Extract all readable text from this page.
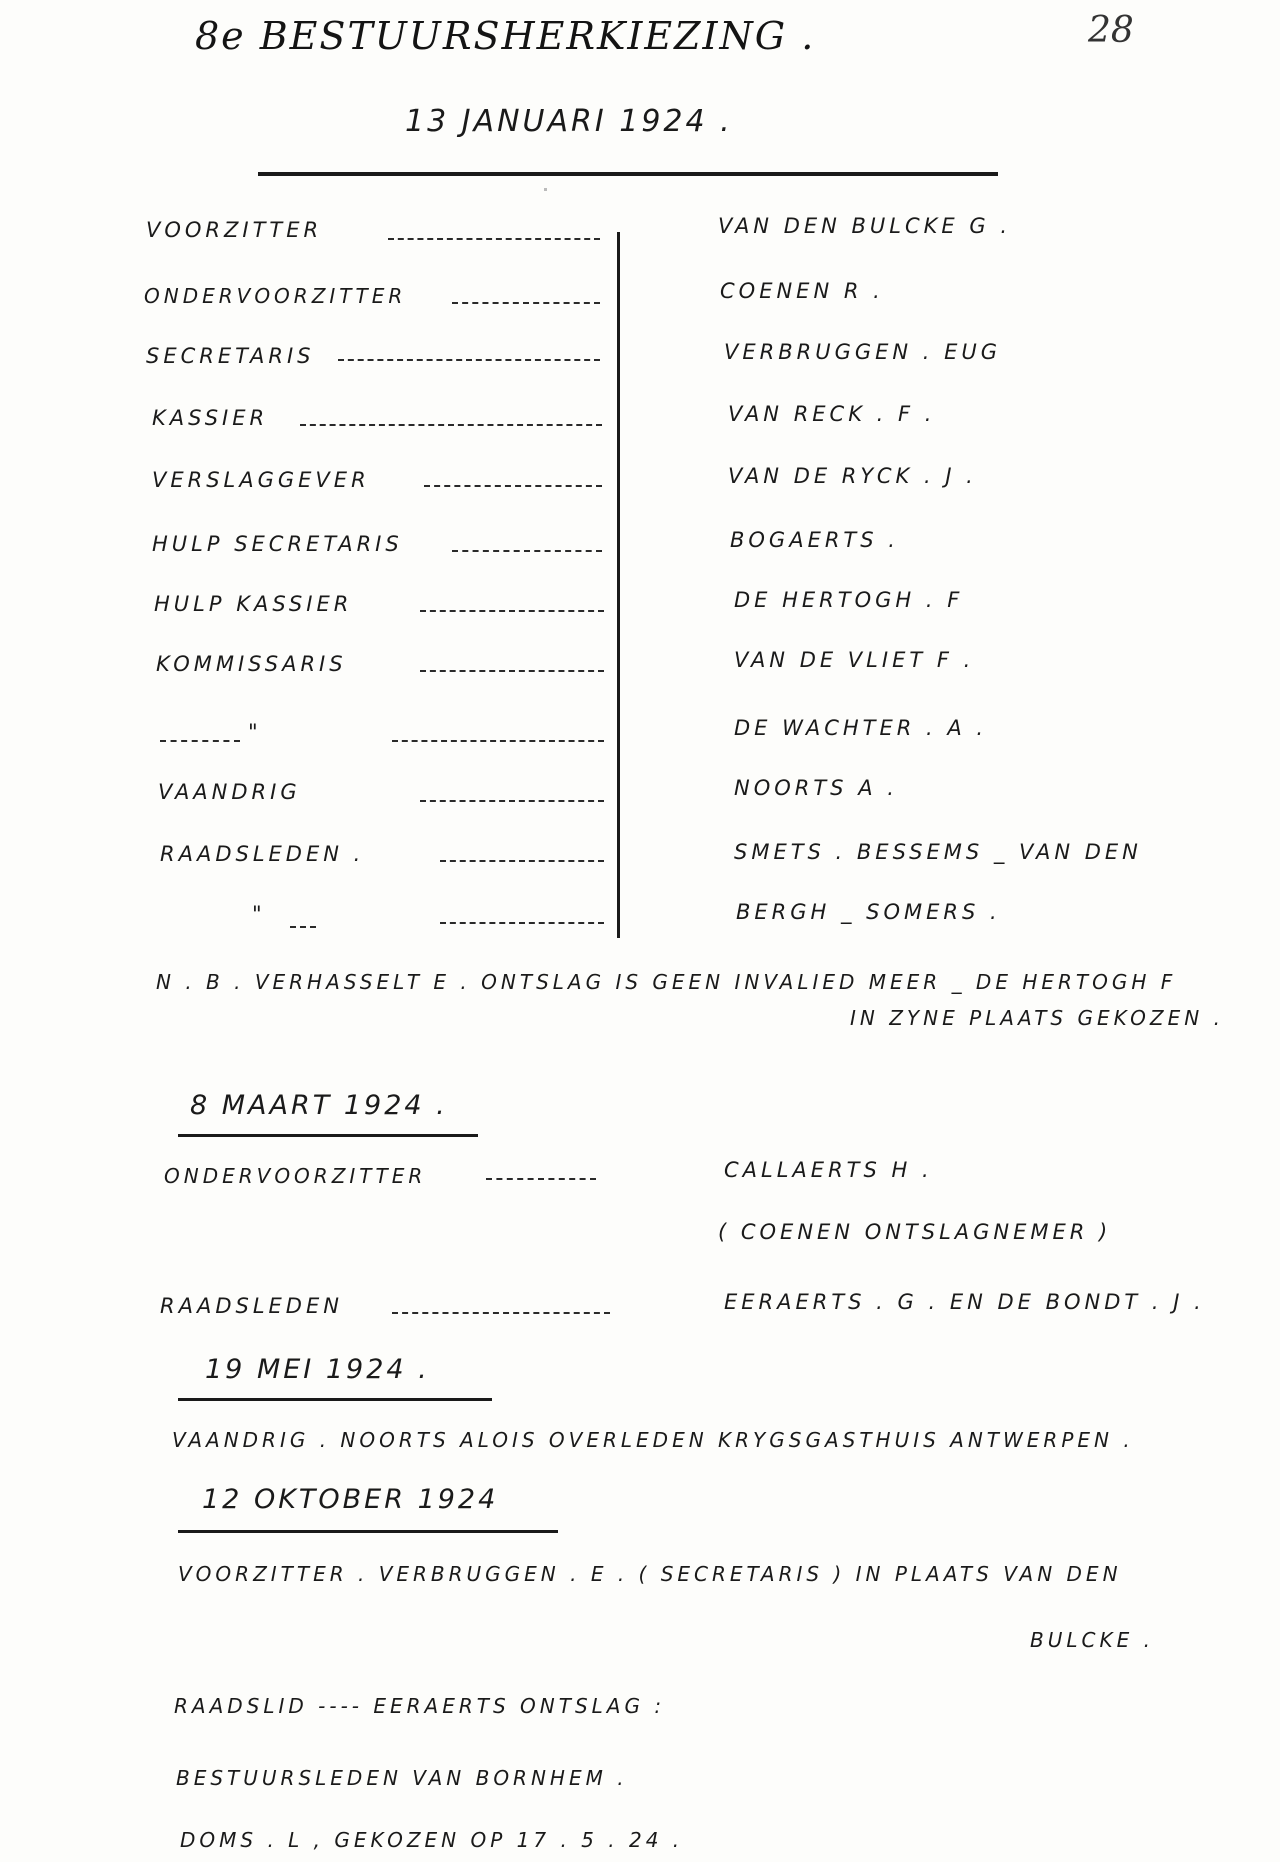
8e BESTUURSHERKIEZING .	28
13 JANUARI 1924 .
VOORZITTER	VAN DEN BULCKE G .
ONDERVOORZITTER	COENEN R .
SECRETARIS	VERBRUGGEN . EUG
KASSIER	VAN RECK . F .
VERSLAGGEVER	VAN DE RYCK . J .
HULP SECRETARIS	BOGAERTS .
HULP KASSIER	DE HERTOGH . F
KOMMISSARIS	VAN DE VLIET F .
"	DE WACHTER . A .
VAANDRIG	NOORTS A .
RAADSLEDEN .	SMETS . BESSEMS _ VAN DEN
"	BERGH _ SOMERS .
N . B . VERHASSELT E . ONTSLAG IS GEEN INVALIED MEER _ DE HERTOGH F
IN ZYNE PLAATS GEKOZEN .
8 MAART 1924 .
ONDERVOORZITTER	CALLAERTS H .
( COENEN ONTSLAGNEMER )
RAADSLEDEN	EERAERTS . G . EN DE BONDT . J .
19 MEI 1924 .
VAANDRIG . NOORTS ALOIS OVERLEDEN KRYGSGASTHUIS ANTWERPEN .
12 OKTOBER 1924
VOORZITTER . VERBRUGGEN . E . ( SECRETARIS ) IN PLAATS VAN DEN
BULCKE .
RAADSLID ---- EERAERTS ONTSLAG :
BESTUURSLEDEN VAN BORNHEM .
DOMS . L , GEKOZEN OP 17 . 5 . 24 .
